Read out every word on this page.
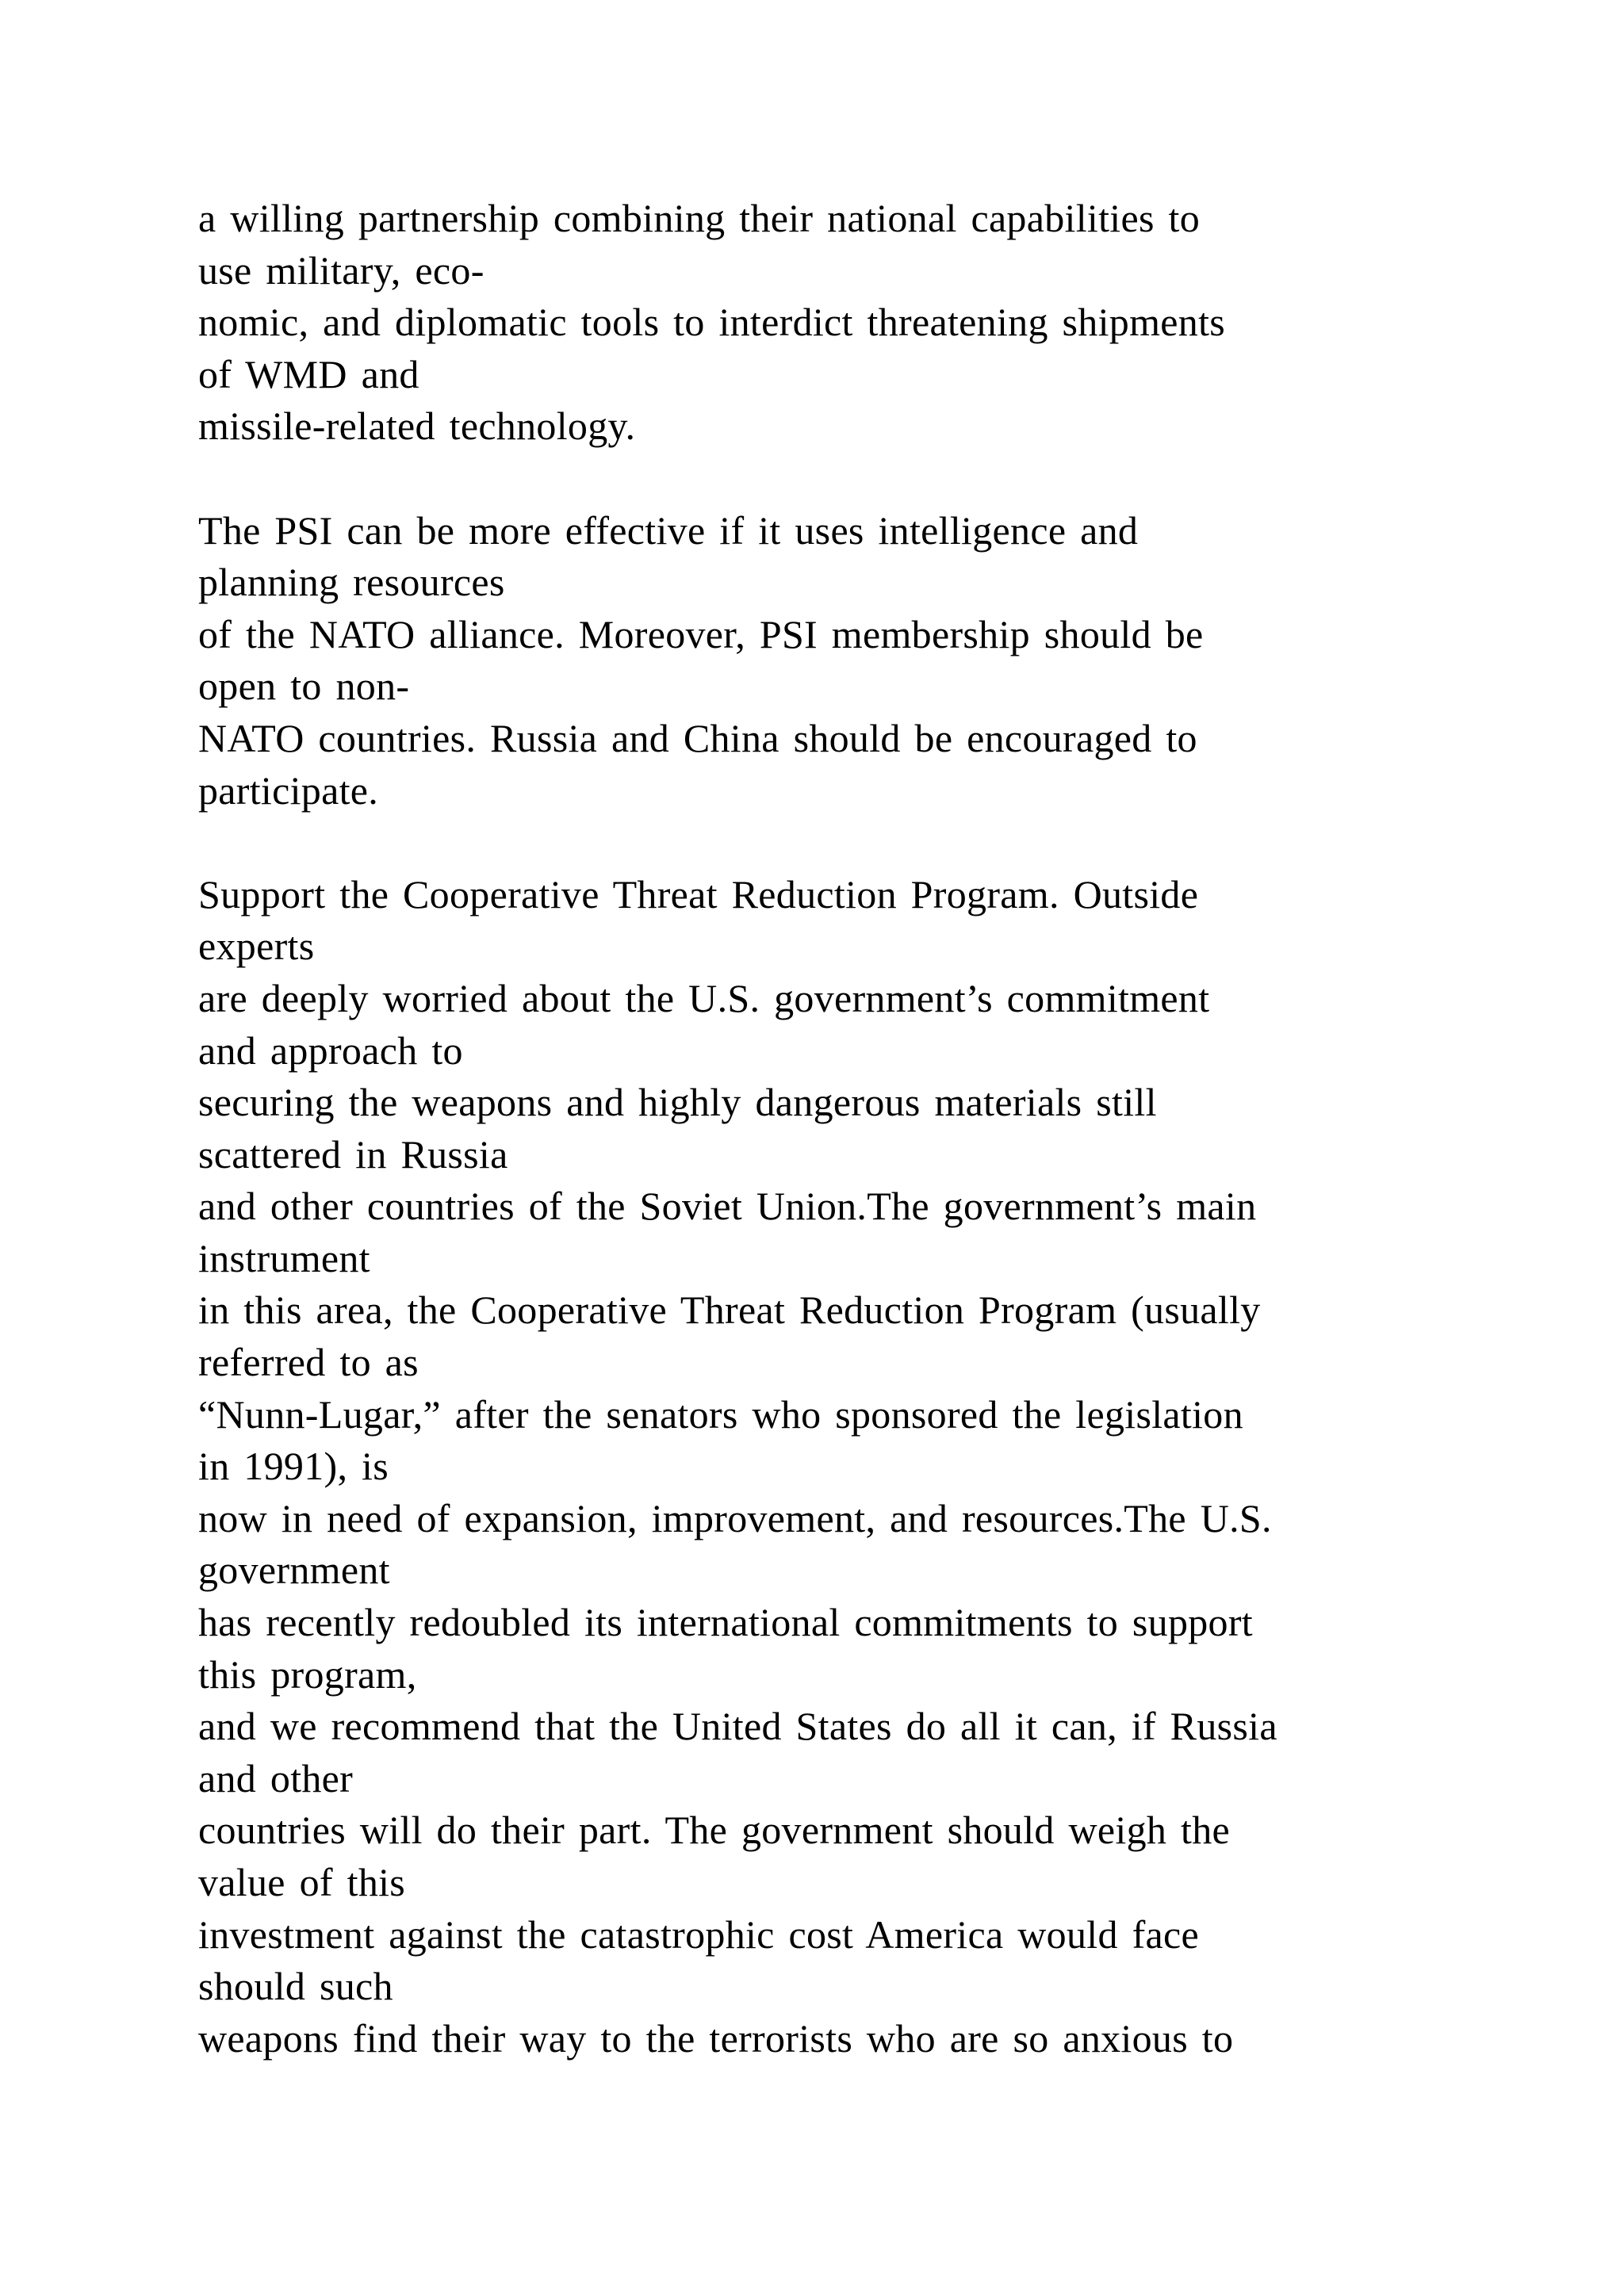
a willing partnership combining their national capabilities to
use military, eco-
nomic, and diplomatic tools to interdict threatening shipments
of WMD and
missile-related technology.
The PSI can be more effective if it uses intelligence and
planning resources
of the NATO alliance. Moreover, PSI membership should be
open to non-
NATO countries. Russia and China should be encouraged to
participate.
Support the Cooperative Threat Reduction Program. Outside
experts
are deeply worried about the U.S. government’s commitment
and approach to
securing the weapons and highly dangerous materials still
scattered in Russia
and other countries of the Soviet Union.The government’s main
instrument
in this area, the Cooperative Threat Reduction Program (usually
referred to as
“Nunn-Lugar,” after the senators who sponsored the legislation
in 1991), is
now in need of expansion, improvement, and resources.The U.S.
government
has recently redoubled its international commitments to support
this program,
and we recommend that the United States do all it can, if Russia
and other
countries will do their part. The government should weigh the
value of this
investment against the catastrophic cost America would face
should such
weapons find their way to the terrorists who are so anxious to
